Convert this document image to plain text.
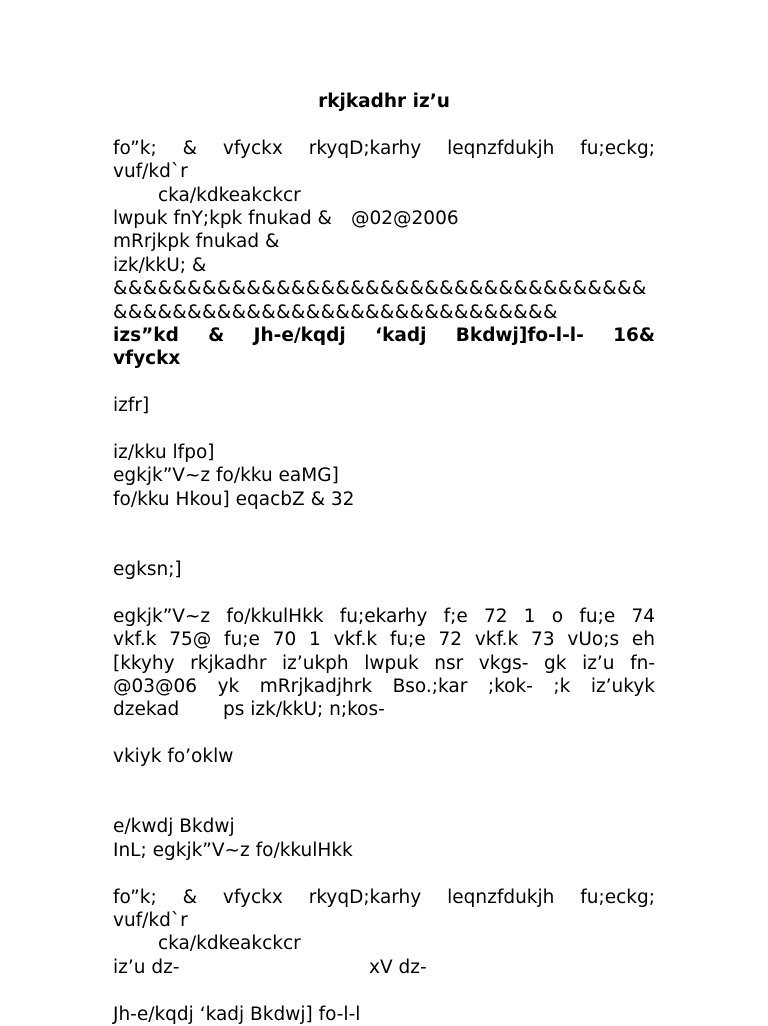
rkjkadhr iz’u

fo”k; & vfyckx rkyqD;karhy leqnzfdukjh fu;eckg;

vuf/kd`r

cka/kdkeakckcr

lwpuk fnY;kpk fnukad & @02@2006

mRrjkpk fnukad &

izk/kkU; &

&&&&&&&&&&&&&&&&&&&&&&&&&&&&&&&&&&&&

&&&&&&&&&&&&&&&&&&&&&&&&&&&&&&

izs”kd & Jh-e/kqdj ‘kadj Bkdwj]fo-l-l- 16&

vfyckx

izfr]

iz/kku lfpo]

egkjk”V~z fo/kku eaMG]

fo/kku Hkou] eqacbZ & 32

egksn;]

egkjk”V~z fo/kkulHkk fu;ekarhy f;e 72 1 o fu;e 74

vkf.k 75@ fu;e 70 1 vkf.k fu;e 72 vkf.k 73 vUo;s eh

[kkyhy rkjkadhr iz’ukph lwpuk nsr vkgs- gk iz’u fn-

@03@06 yk mRrjkadjhrk Bso.;kar ;kok- ;k iz’ukyk

dzekad ps izk/kkU; n;kos-

vkiyk fo’oklw

e/kwdj Bkdwj

InL; egkjk”V~z fo/kkulHkk

fo”k; & vfyckx rkyqD;karhy leqnzfdukjh fu;eckg;

vuf/kd`r

cka/kdkeakckcr

iz’u dz-	xV dz-

Jh-e/kqdj ‘kadj Bkdwj] fo-l-l
